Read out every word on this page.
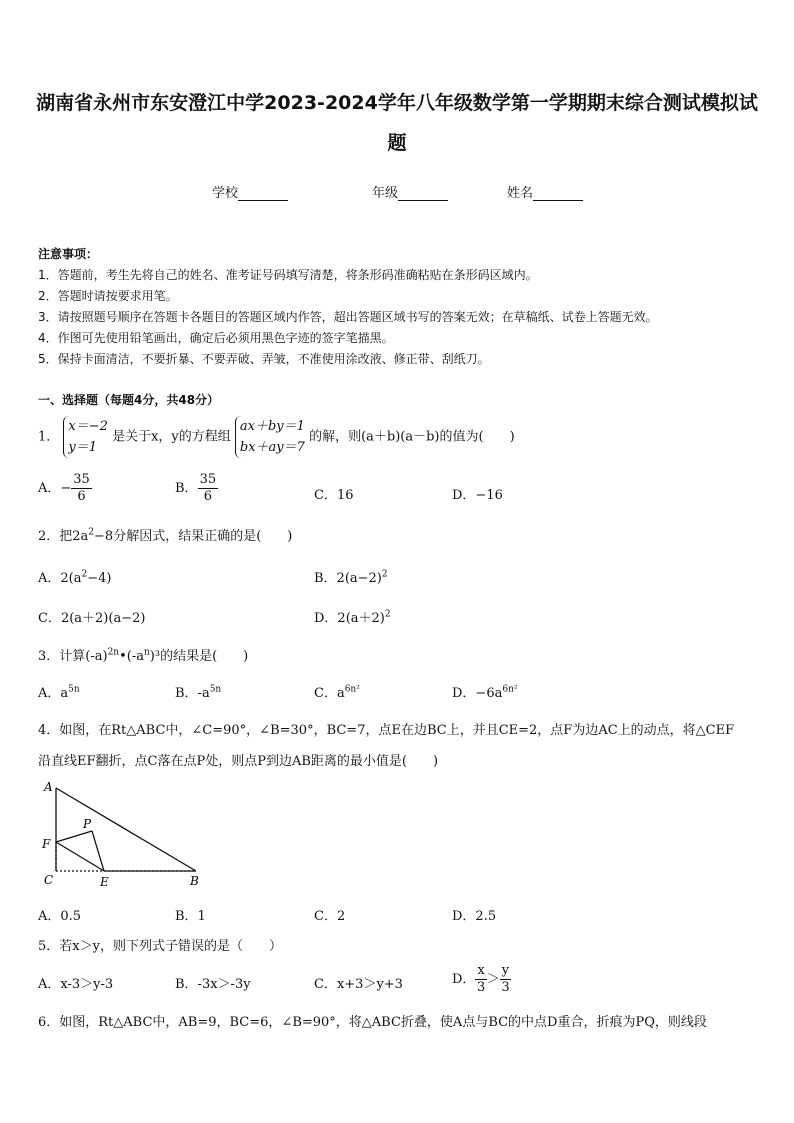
湖南省永州市东安澄江中学2023-2024学年八年级数学第一学期期末综合测试模拟试
题
学校	年级	姓名
注意事项：
1．答题前，考生先将自己的姓名、准考证号码填写清楚，将条形码准确粘贴在条形码区域内。
2．答题时请按要求用笔。
3．请按照题号顺序在答题卡各题目的答题区域内作答，超出答题区域书写的答案无效；在草稿纸、试卷上答题无效。
4．作图可先使用铅笔画出，确定后必须用黑色字迹的签字笔描黑。
5．保持卡面清洁，不要折暴、不要弄破、弄皱，不准使用涂改液、修正带、刮纸刀。
一、选择题（每题4分，共48分）
1． x＝−2
y＝1 是关于x，y的方程组 ax＋by＝1
bx＋ay＝7 的解，则(a＋b)(a－b)的值为(　　)
A．− $\frac{35}{6}$	B． $\frac{35}{6}$	C．16	D．−16
2．把$2a^2-8$分解因式，结果正确的是(　　)
A．$2(a^2-4)$	B．$2(a-2)^2$
C．2(a＋2)(a−2)	D．$2(a+2)^2$
3．计算$(-a)^{2n}•(-a^n)^3$的结果是(　　)
A．$a^{5n}$	B．$-a^{5n}$	C．$a^{6n^2}$	D．$-6a^{6n^2}$
4．如图，在Rt△ABC中，∠C=90°，∠B=30°，BC=7，点E在边BC上，并且CE=2，点F为边AC上的动点，将△CEF
沿直线EF翻折，点C落在点P处，则点P到边AB距离的最小值是(　　)
A
P
F
C	E	B
A．0.5	B．1	C．2	D．2.5
5．若x＞y，则下列式子错误的是（　　）
A．x-3＞y-3	B．-3x＞-3y	C．x+3＞y+3	D． $\frac{x}{3} > \frac{y}{3}$
6．如图，Rt△ABC中，AB=9，BC=6，∠B=90°，将△ABC折叠，使A点与BC的中点D重合，折痕为PQ，则线段
